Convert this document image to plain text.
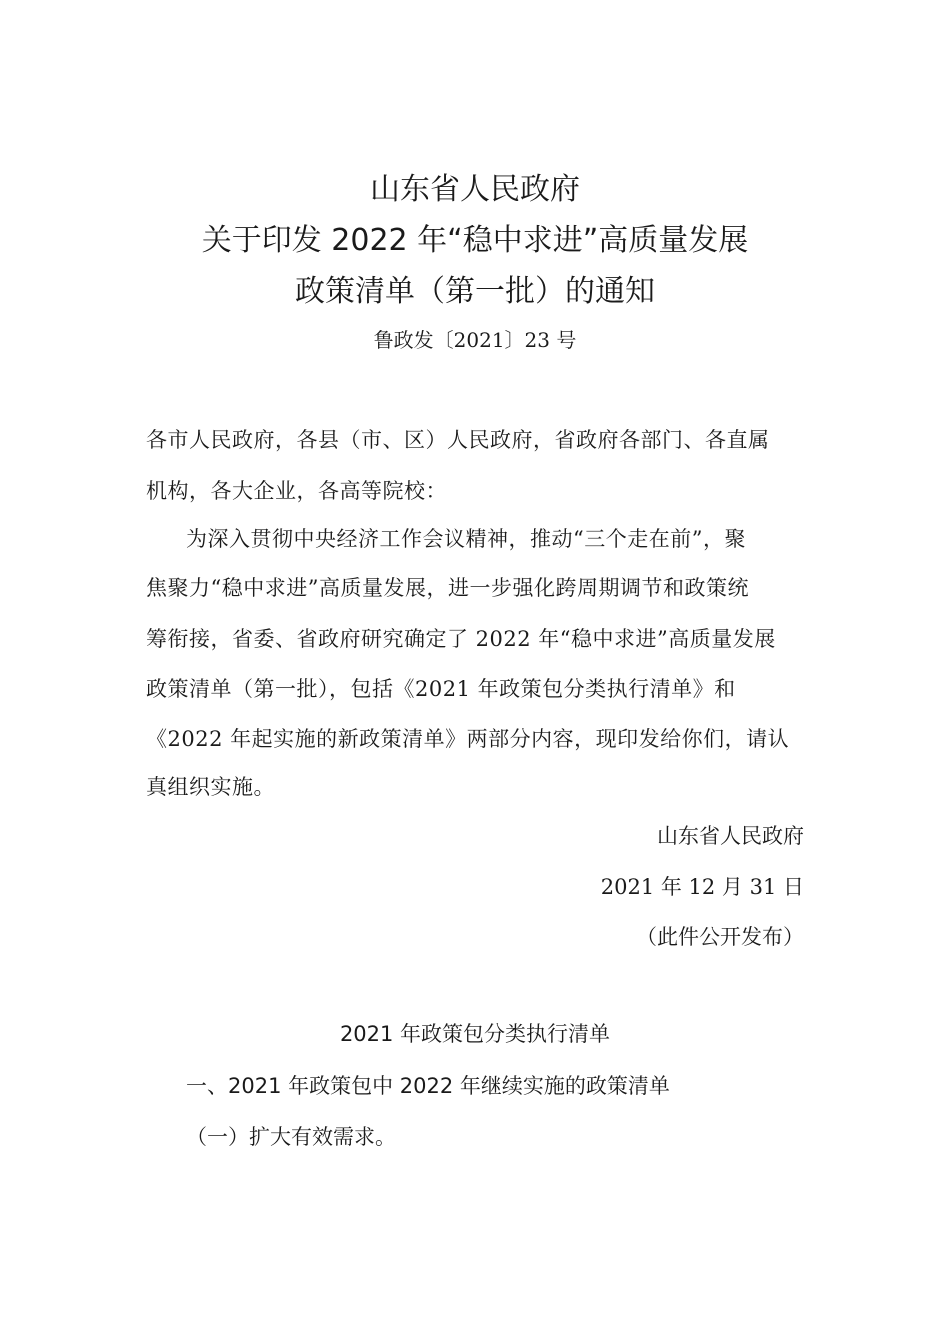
山东省人民政府
关于印发 2022 年“稳中求进”高质量发展
政策清单（第一批）的通知
鲁政发〔2021〕23 号
各市人民政府，各县（市、区）人民政府，省政府各部门、各直属
机构，各大企业，各高等院校：
为深入贯彻中央经济工作会议精神，推动“三个走在前”，聚
焦聚力“稳中求进”高质量发展，进一步强化跨周期调节和政策统
筹衔接，省委、省政府研究确定了 2022 年“稳中求进”高质量发展
政策清单（第一批），包括《2021 年政策包分类执行清单》和
《2022 年起实施的新政策清单》两部分内容，现印发给你们，请认
真组织实施。
山东省人民政府
2021 年 12 月 31 日
（此件公开发布）
2021 年政策包分类执行清单
一、2021 年政策包中 2022 年继续实施的政策清单
（一）扩大有效需求。
